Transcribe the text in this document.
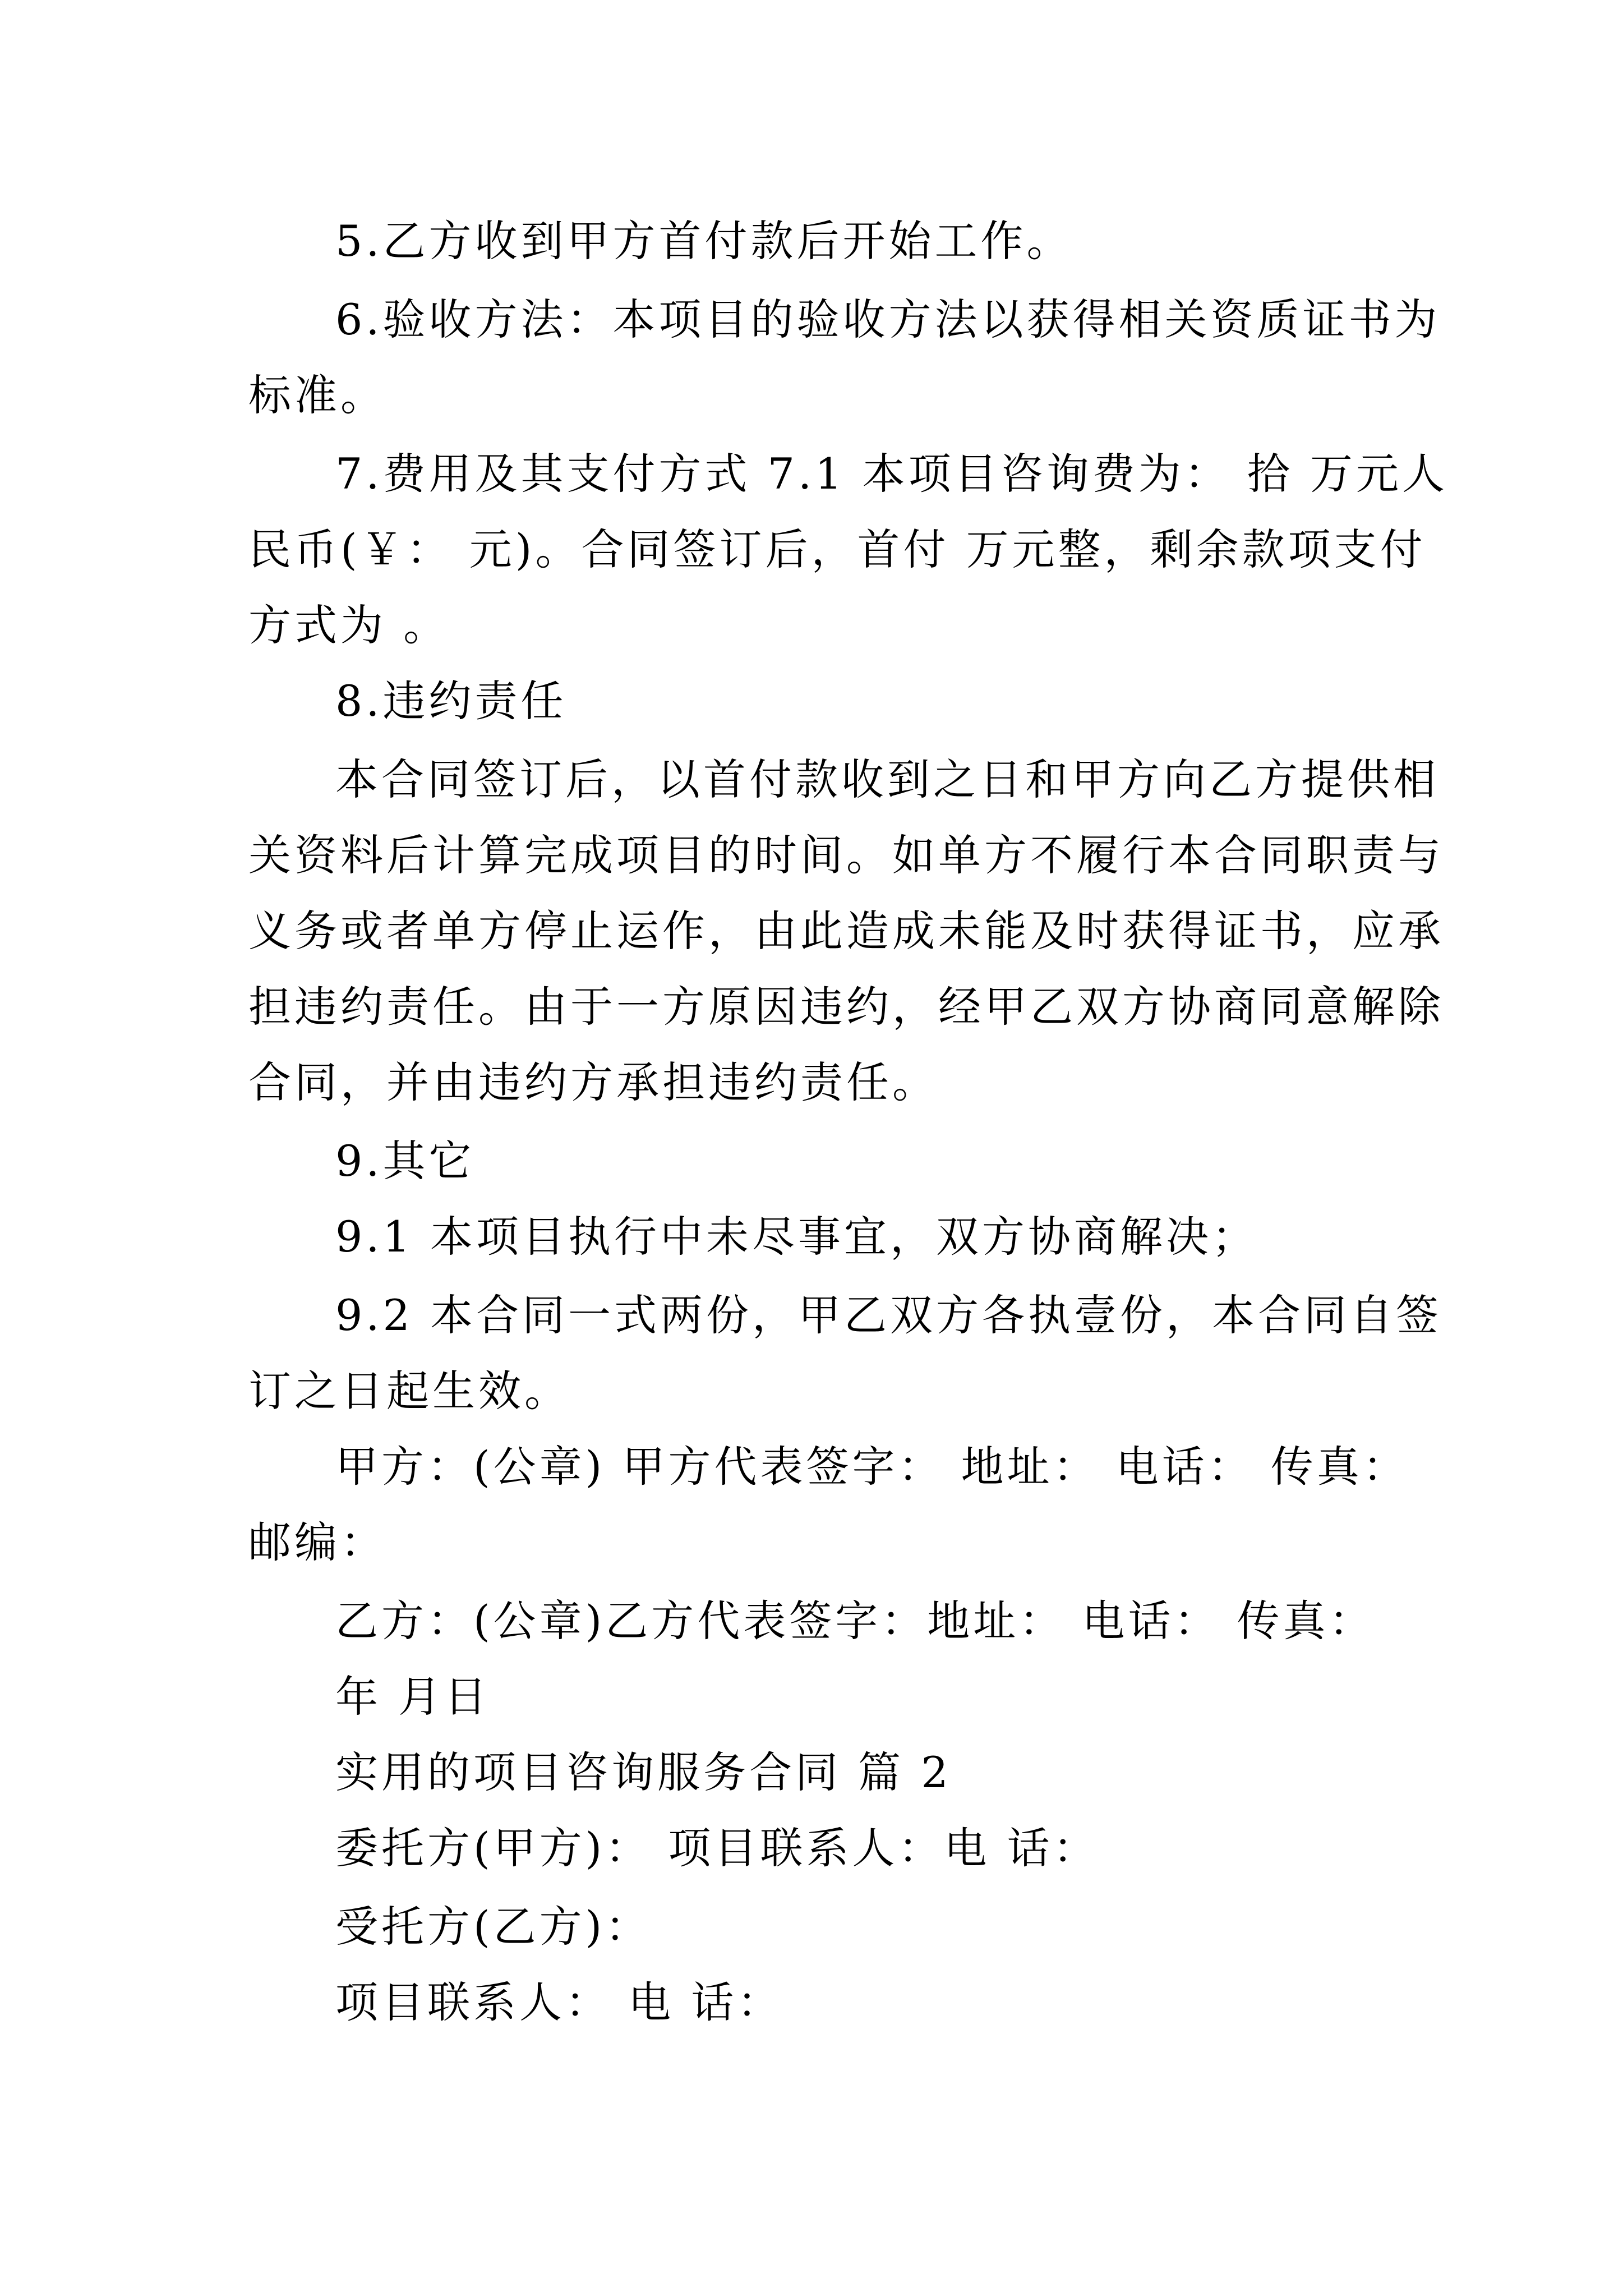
5.乙方收到甲方首付款后开始工作。
6.验收方法：本项目的验收方法以获得相关资质证书为
标准。
7.费用及其支付方式 7.1 本项目咨询费为： 拾 万元人
民币(￥： 元)。合同签订后，首付 万元整，剩余款项支付
方式为 。
8.违约责任
本合同签订后，以首付款收到之日和甲方向乙方提供相
关资料后计算完成项目的时间。如单方不履行本合同职责与
义务或者单方停止运作，由此造成未能及时获得证书，应承
担违约责任。由于一方原因违约，经甲乙双方协商同意解除
合同，并由违约方承担违约责任。
9.其它
9.1 本项目执行中未尽事宜，双方协商解决；
9.2 本合同一式两份，甲乙双方各执壹份，本合同自签
订之日起生效。
甲方：(公章) 甲方代表签字： 地址： 电话： 传真：
邮编：
乙方：(公章)乙方代表签字：地址： 电话： 传真：
年 月日
实用的项目咨询服务合同 篇 2
委托方(甲方)： 项目联系人：电 话：
受托方(乙方)：
项目联系人： 电 话：
